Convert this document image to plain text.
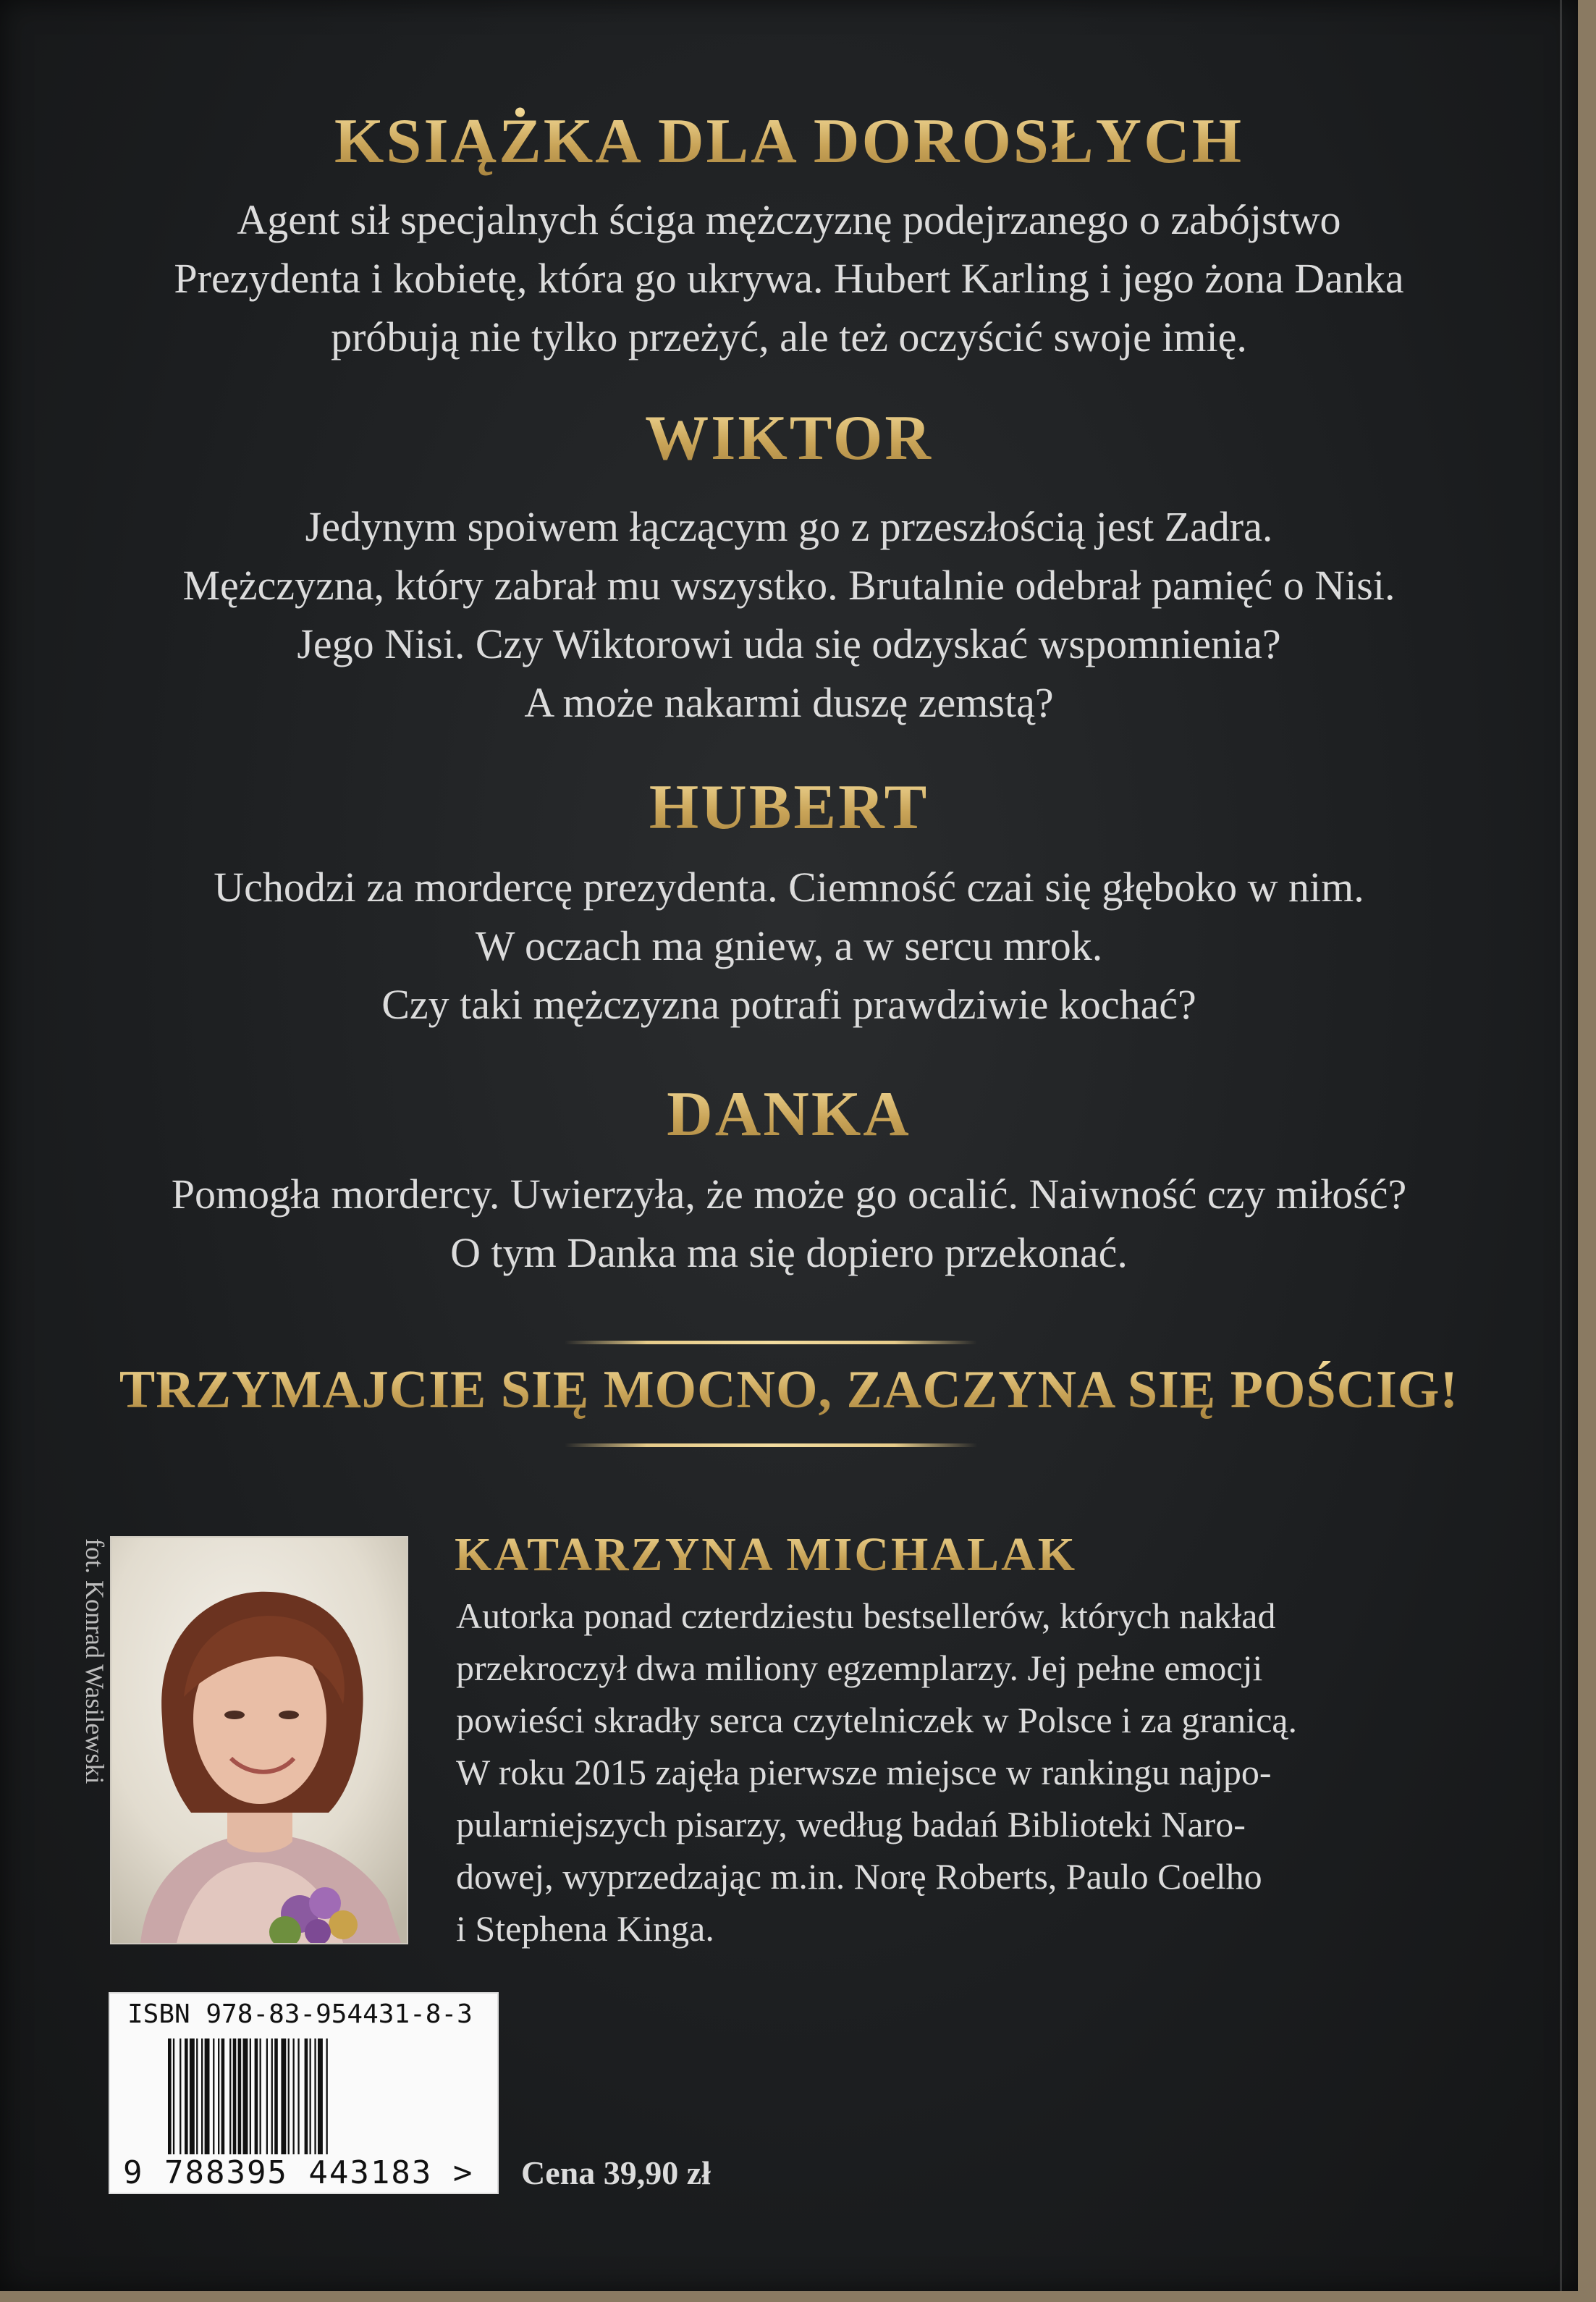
KSIĄŻKA DLA DOROSŁYCH
Agent sił specjalnych ściga mężczyznę podejrzanego o zabójstwo
Prezydenta i kobietę, która go ukrywa. Hubert Karling i jego żona Danka
próbują nie tylko przeżyć, ale też oczyścić swoje imię.
WIKTOR
Jedynym spoiwem łączącym go z przeszłością jest Zadra.
Mężczyzna, który zabrał mu wszystko. Brutalnie odebrał pamięć o Nisi.
Jego Nisi. Czy Wiktorowi uda się odzyskać wspomnienia?
A może nakarmi duszę zemstą?
HUBERT
Uchodzi za mordercę prezydenta. Ciemność czai się głęboko w nim.
W oczach ma gniew, a w sercu mrok.
Czy taki mężczyzna potrafi prawdziwie kochać?
DANKA
Pomogła mordercy. Uwierzyła, że może go ocalić. Naiwność czy miłość?
O tym Danka ma się dopiero przekonać.
TRZYMAJCIE SIĘ MOCNO, ZACZYNA SIĘ POŚCIG!
fot. Konrad Wasilewski	KATARZYNA MICHALAK
Autorka ponad czterdziestu bestsellerów, których nakład
przekroczył dwa miliony egzemplarzy. Jej pełne emocji
powieści skradły serca czytelniczek w Polsce i za granicą.
W roku 2015 zajęła pierwsze miejsce w rankingu najpo-
pularniejszych pisarzy, według badań Biblioteki Naro-
dowej, wyprzedzając m.in. Norę Roberts, Paulo Coelho
i Stephena Kinga.
ISBN 978-83-954431-8-3
9 788395 443183 > Cena 39,90 zł
